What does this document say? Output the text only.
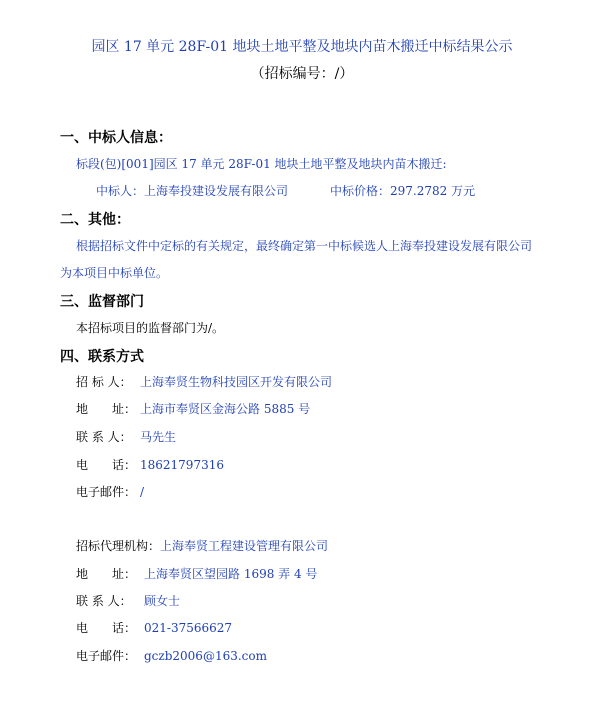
园区 17 单元 28F-01 地块土地平整及地块内苗木搬迁中标结果公示
（招标编号：/）
一、中标人信息：
标段(包)[001]园区 17 单元 28F-01 地块土地平整及地块内苗木搬迁:
中标人：上海奉投建设发展有限公司	中标价格：297.2782 万元
二、其他：
根据招标文件中定标的有关规定，最终确定第一中标候选人上海奉投建设发展有限公司
为本项目中标单位。
三、监督部门
本招标项目的监督部门为/。
四、联系方式
招 标 人： 上海奉贤生物科技园区开发有限公司
地　　址： 上海市奉贤区金海公路 5885 号
联 系 人： 马先生
电　　话： 18621797316
电子邮件： /
招标代理机构：上海奉贤工程建设管理有限公司
地　　址： 上海奉贤区望园路 1698 弄 4 号
联 系 人： 顾女士
电　　话： 021-37566627
电子邮件： gczb2006@163.com
